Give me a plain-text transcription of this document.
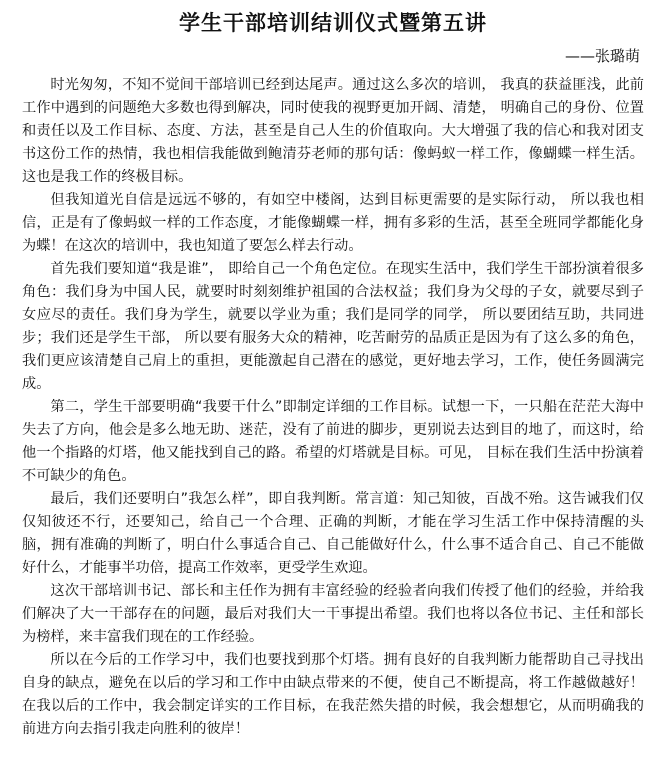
学生干部培训结训仪式暨第五讲
——张璐萌

时光匆匆，不知不觉间干部培训已经到达尾声。通过这么多次的培训， 我真的获益匪浅，此前工作中遇到的问题绝大多数也得到解决，同时使我的视野更加开阔、清楚， 明确自己的身份、位置和责任以及工作目标、态度、方法，甚至是自己人生的价值取向。大大增强了我的信心和我对团支书这份工作的热情，我也相信我能做到鲍清芬老师的那句话：像蚂蚁一样工作，像蝴蝶一样生活。这也是我工作的终极目标。

但我知道光自信是远远不够的，有如空中楼阁，达到目标更需要的是实际行动， 所以我也相信，正是有了像蚂蚁一样的工作态度，才能像蝴蝶一样，拥有多彩的生活，甚至全班同学都能化身为蝶！在这次的培训中，我也知道了要怎么样去行动。

首先我们要知道“我是谁”， 即给自己一个角色定位。在现实生活中，我们学生干部扮演着很多角色：我们身为中国人民，就要时时刻刻维护祖国的合法权益；我们身为父母的子女，就要尽到子女应尽的责任。我们身为学生，就要以学业为重；我们是同学的同学， 所以要团结互助，共同进步；我们还是学生干部， 所以要有服务大众的精神，吃苦耐劳的品质正是因为有了这么多的角色，我们更应该清楚自己肩上的重担，更能激起自己潜在的感觉，更好地去学习，工作，使任务圆满完成。

第二，学生干部要明确“我要干什么”即制定详细的工作目标。试想一下，一只船在茫茫大海中失去了方向，他会是多么地无助、迷茫，没有了前进的脚步，更别说去达到目的地了，而这时，给他一个指路的灯塔，他又能找到自己的路。希望的灯塔就是目标。可见， 目标在我们生活中扮演着不可缺少的角色。

最后，我们还要明白”我怎么样”，即自我判断。常言道：知己知彼，百战不殆。这告诫我们仅仅知彼还不行，还要知己，给自己一个合理、正确的判断，才能在学习生活工作中保持清醒的头脑，拥有准确的判断了，明白什么事适合自己、自己能做好什么，什么事不适合自己、自己不能做好什么，才能事半功倍，提高工作效率，更受学生欢迎。

这次干部培训书记、部长和主任作为拥有丰富经验的经验者向我们传授了他们的经验，并给我们解决了大一干部存在的问题，最后对我们大一干事提出希望。我们也将以各位书记、主任和部长为榜样，来丰富我们现在的工作经验。

所以在今后的工作学习中，我们也要找到那个灯塔。拥有良好的自我判断力能帮助自己寻找出自身的缺点，避免在以后的学习和工作中由缺点带来的不便，使自己不断提高，将工作越做越好！在我以后的工作中，我会制定详实的工作目标，在我茫然失措的时候，我会想想它，从而明确我的前进方向去指引我走向胜利的彼岸！
